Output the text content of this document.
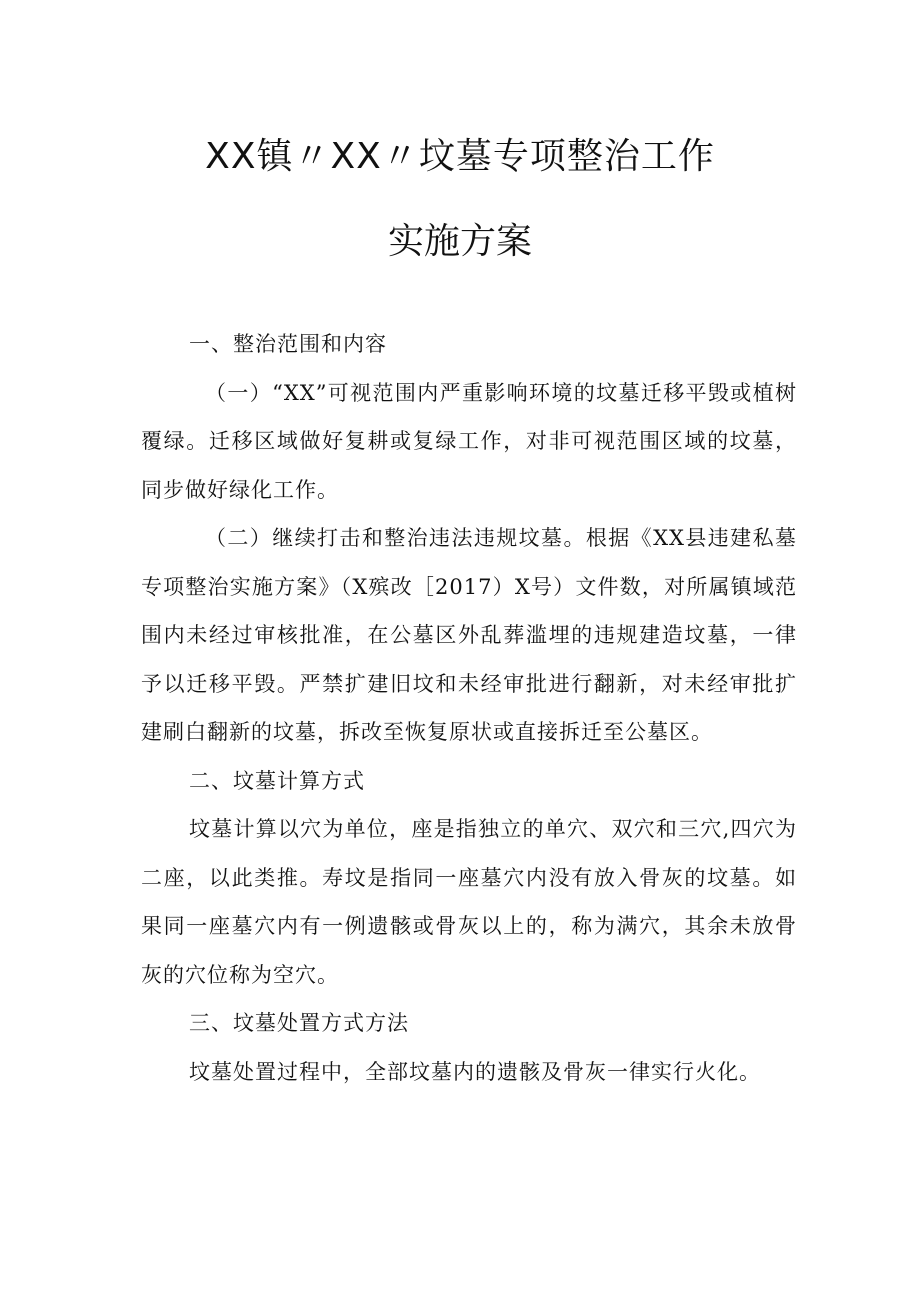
XX镇〃XX〃坟墓专项整治工作
实施方案

一、整治范围和内容

（一）“XX”可视范围内严重影响环境的坟墓迁移平毁或植树覆绿。迁移区域做好复耕或复绿工作，对非可视范围区域的坟墓，同步做好绿化工作。

（二）继续打击和整治违法违规坟墓。根据《XX县违建私墓专项整治实施方案》（X殡改［2017）X号）文件数，对所属镇域范围内未经过审核批准，在公墓区外乱葬滥埋的违规建造坟墓，一律予以迁移平毁。严禁扩建旧坟和未经审批进行翻新，对未经审批扩建刷白翻新的坟墓，拆改至恢复原状或直接拆迁至公墓区。

二、坟墓计算方式

坟墓计算以穴为单位，座是指独立的单穴、双穴和三穴,四穴为二座，以此类推。寿坟是指同一座墓穴内没有放入骨灰的坟墓。如果同一座墓穴内有一例遗骸或骨灰以上的，称为满穴，其余未放骨灰的穴位称为空穴。

三、坟墓处置方式方法

坟墓处置过程中，全部坟墓内的遗骸及骨灰一律实行火化。
